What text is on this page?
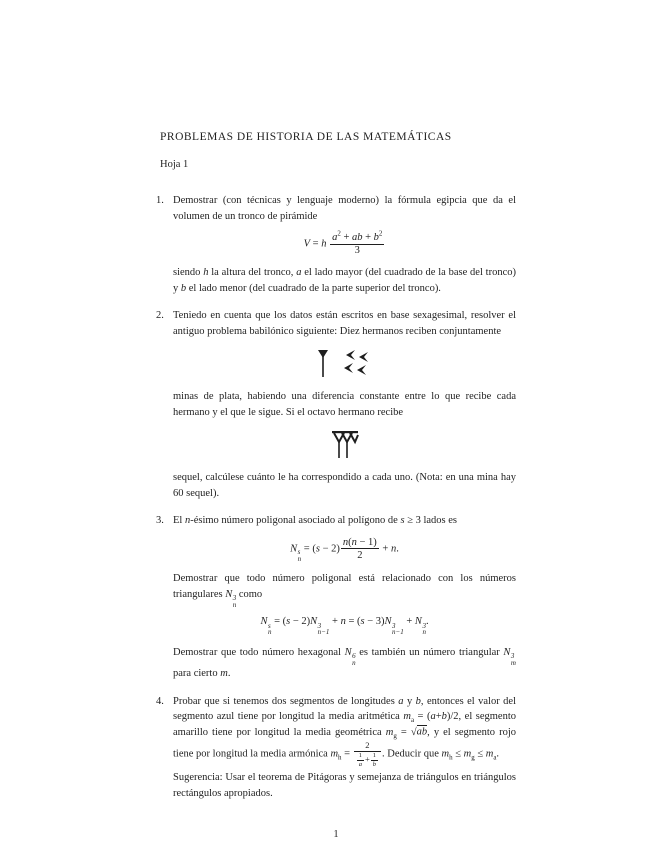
PROBLEMAS DE HISTORIA DE LAS MATEMÁTICAS
Hoja 1
1. Demostrar (con técnicas y lenguaje moderno) la fórmula egipcia que da el volumen de un tronco de pirámide
V = h $\frac{a^2 + ab + b^2}{3}$
siendo h la altura del tronco, a el lado mayor (del cuadrado de la base del tronco) y b el lado menor (del cuadrado de la parte superior del tronco).
2. Teniedo en cuenta que los datos están escritos en base sexagesimal, resolver el antiguo problema babilónico siguiente: Diez hermanos reciben conjuntamente
minas de plata, habiendo una diferencia constante entre lo que recibe cada hermano y el que le sigue. Si el octavo hermano recibe
sequel, calcúlese cuánto le ha correspondido a cada uno. (Nota: en una mina hay 60 sequel).
3. El n-ésimo número poligonal asociado al polígono de s ≥ 3 lados es
N s
n
= $(s - 2) \frac{n(n - 1)}{2} + n$.
Demostrar que todo número poligonal está relacionado con los números triangulares N 3
n
como
N s
n
= (s − 2)N 3
n−1
+ n = (s − 3)N 3
n−1
+ N 3
n
.
Demostrar que todo número hexagonal N 6
n
es también un número triangular N 3
m
para cierto m.
4. Probar que si tenemos dos segmentos de longitudes a y b, entonces el valor del segmento azul tiene por longitud la media aritmética $m_a = (a+b)/2$, el segmento amarillo tiene por longitud la media geométrica $m_g = √ab$, y el segmento rojo tiene por longitud la media armónica $m_h = \frac{2}{\frac{1}{a} + \frac{1}{b}}$ . Deducir que $m_h \le m_g \le m_a$.
Sugerencia: Usar el teorema de Pitágoras y semejanza de triángulos en triángulos rectángulos apropiados.
1
